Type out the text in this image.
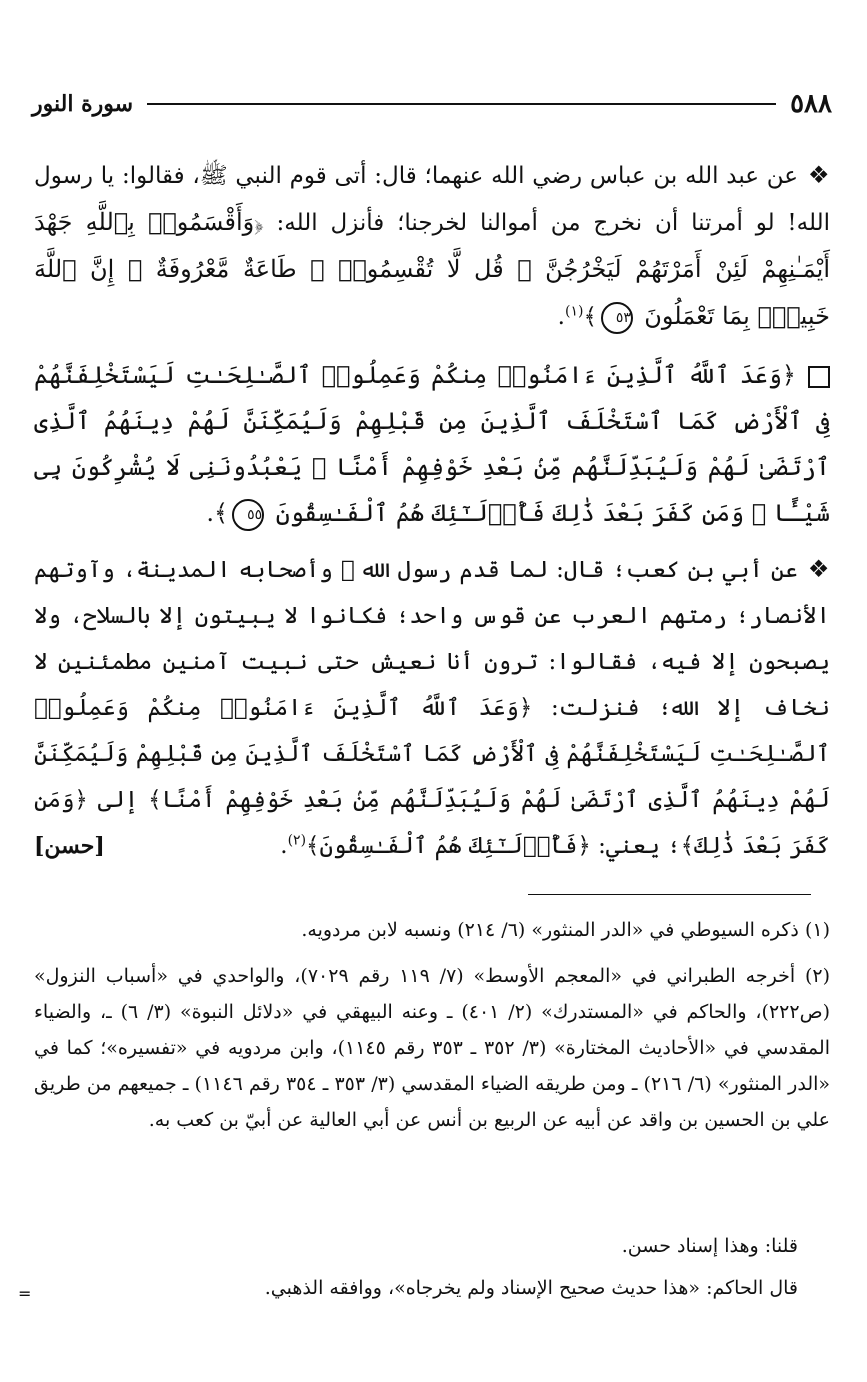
٥٨٨
سورة النور
❖عن عبد الله بن عباس رضي الله عنهما؛ قال: أتى قوم النبي ﷺ، فقالوا: يا رسول الله! لو أمرتنا أن نخرج من أموالنا لخرجنا؛ فأنزل الله: ﴿وَأَقْسَمُوا۟ بِٱللَّهِ جَهْدَ أَيْمَـٰنِهِمْ لَئِنْ أَمَرْتَهُمْ لَيَخْرُجُنَّ ۖ قُل لَّا تُقْسِمُوا۟ ۖ طَاعَةٌ مَّعْرُوفَةٌ ۚ إِنَّ ٱللَّهَ خَبِيرٌۢ بِمَا تَعْمَلُونَ ٥٣﴾$^{(١)}$.
﴿وَعَدَ ٱللَّهُ ٱلَّذِينَ ءَامَنُوا۟ مِنكُمْ وَعَمِلُوا۟ ٱلصَّـٰلِحَـٰتِ لَيَسْتَخْلِفَنَّهُمْ فِى ٱلْأَرْضِ كَمَا ٱسْتَخْلَفَ ٱلَّذِينَ مِن قَبْلِهِمْ وَلَيُمَكِّنَنَّ لَهُمْ دِينَهُمُ ٱلَّذِى ٱرْتَضَىٰ لَهُمْ وَلَيُبَدِّلَنَّهُم مِّنۢ بَعْدِ خَوْفِهِمْ أَمْنًا ۚ يَعْبُدُونَنِى لَا يُشْرِكُونَ بِى شَيْـًٔا ۚ وَمَن كَفَرَ بَعْدَ ذَٰلِكَ فَأُو۟لَـٰٓئِكَ هُمُ ٱلْفَـٰسِقُونَ ٥٥﴾.
❖عن أبي بن كعب؛ قال: لما قدم رسول الله ﷺ وأصحابه المدينة، وآوتهم الأنصار؛ رمتهم العرب عن قوس واحد؛ فكانوا لا يبيتون إلا بالسلاح، ولا يصبحون إلا فيه، فقالوا: ترون أنا نعيش حتى نبيت آمنين مطمئنين لا نخاف إلا الله؛ فنزلت: ﴿وَعَدَ ٱللَّهُ ٱلَّذِينَ ءَامَنُوا۟ مِنكُمْ وَعَمِلُوا۟ ٱلصَّـٰلِحَـٰتِ لَيَسْتَخْلِفَنَّهُمْ فِى ٱلْأَرْضِ كَمَا ٱسْتَخْلَفَ ٱلَّذِينَ مِن قَبْلِهِمْ وَلَيُمَكِّنَنَّ لَهُمْ دِينَهُمُ ٱلَّذِى ٱرْتَضَىٰ لَهُمْ وَلَيُبَدِّلَنَّهُم مِّنۢ بَعْدِ خَوْفِهِمْ أَمْنًا﴾ إلى ﴿وَمَن كَفَرَ بَعْدَ ذَٰلِكَ﴾؛ يعني: ﴿فَأُو۟لَـٰٓئِكَ هُمُ ٱلْفَـٰسِقُونَ﴾$^{(٢)}$.
[حسن]
(١) ذكره السيوطي في «الدر المنثور» (٦/ ٢١٤) ونسبه لابن مردويه.
(٢) أخرجه الطبراني في «المعجم الأوسط» (٧/ ١١٩ رقم ٧٠٢٩)، والواحدي في «أسباب النزول» (ص٢٢٢)، والحاكم في «المستدرك» (٢/ ٤٠١) ـ وعنه البيهقي في «دلائل النبوة» (٣/ ٦) ـ، والضياء المقدسي في «الأحاديث المختارة» (٣/ ٣٥٢ ـ ٣٥٣ رقم ١١٤٥)، وابن مردويه في «تفسيره»؛ كما في «الدر المنثور» (٦/ ٢١٦) ـ ومن طريقه الضياء المقدسي (٣/ ٣٥٣ ـ ٣٥٤ رقم ١١٤٦) ـ جميعهم من طريق علي بن الحسين بن واقد عن أبيه عن الربيع بن أنس عن أبي العالية عن أبيّ بن كعب به.
قلنا: وهذا إسناد حسن.
قال الحاكم: «هذا حديث صحيح الإسناد ولم يخرجاه»، ووافقه الذهبي.
=
